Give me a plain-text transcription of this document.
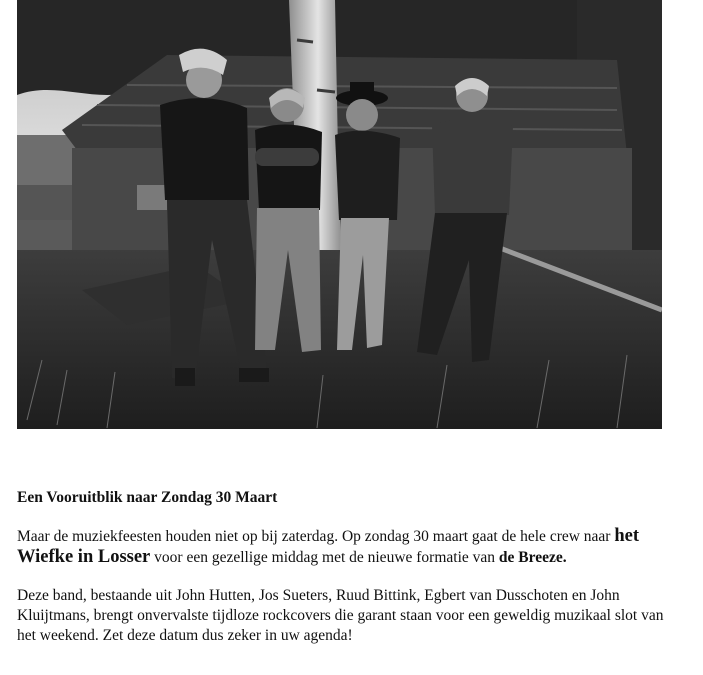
Een Vooruitblik naar Zondag 30 Maart
Maar de muziekfeesten houden niet op bij zaterdag. Op zondag 30 maart gaat de hele crew naar het Wiefke in Losser voor een gezellige middag met de nieuwe formatie van de Breeze.
Deze band, bestaande uit John Hutten, Jos Sueters, Ruud Bittink, Egbert van Dusschoten en John Kluijtmans, brengt onvervalste tijdloze rockcovers die garant staan voor een geweldig muzikaal slot van het weekend. Zet deze datum dus zeker in uw agenda!
